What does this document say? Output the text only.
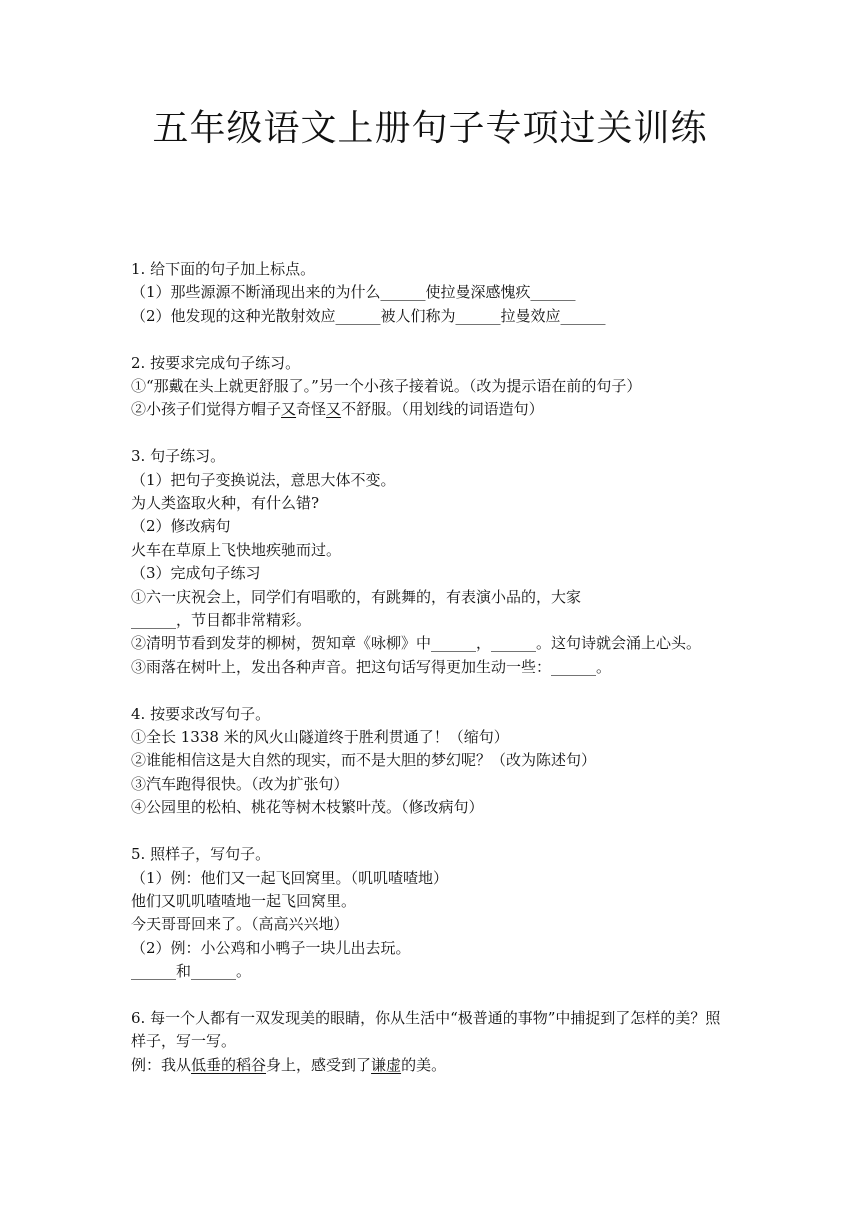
五年级语文上册句子专项过关训练

1. 给下面的句子加上标点。

（1）那些源源不断涌现出来的为什么______使拉曼深感愧疚______

（2）他发现的这种光散射效应______被人们称为______拉曼效应______

2. 按要求完成句子练习。

①“那戴在头上就更舒服了。”另一个小孩子接着说。（改为提示语在前的句子）

②小孩子们觉得方帽子又奇怪又不舒服。（用划线的词语造句）

3. 句子练习。

（1）把句子变换说法，意思大体不变。

为人类盗取火种，有什么错?

（2）修改病句

火车在草原上飞快地疾驰而过。

（3）完成句子练习

①六一庆祝会上，同学们有唱歌的，有跳舞的，有表演小品的，大家

______，节目都非常精彩。

②清明节看到发芽的柳树，贺知章《咏柳》中______，______。这句诗就会涌上心头。

③雨落在树叶上，发出各种声音。把这句话写得更加生动一些：______。

4. 按要求改写句子。

①全长 1338 米的风火山隧道终于胜利贯通了！（缩句）

②谁能相信这是大自然的现实，而不是大胆的梦幻呢？（改为陈述句）

③汽车跑得很快。（改为扩张句）

④公园里的松柏、桃花等树木枝繁叶茂。（修改病句）

5. 照样子，写句子。

（1）例：他们又一起飞回窝里。（叽叽喳喳地）

他们又叽叽喳喳地一起飞回窝里。

今天哥哥回来了。（高高兴兴地）

（2）例：小公鸡和小鸭子一块儿出去玩。

______和______。

6. 每一个人都有一双发现美的眼睛，你从生活中“极普通的事物”中捕捉到了怎样的美？照样子，写一写。

例：我从低垂的稻谷身上，感受到了谦虚的美。
